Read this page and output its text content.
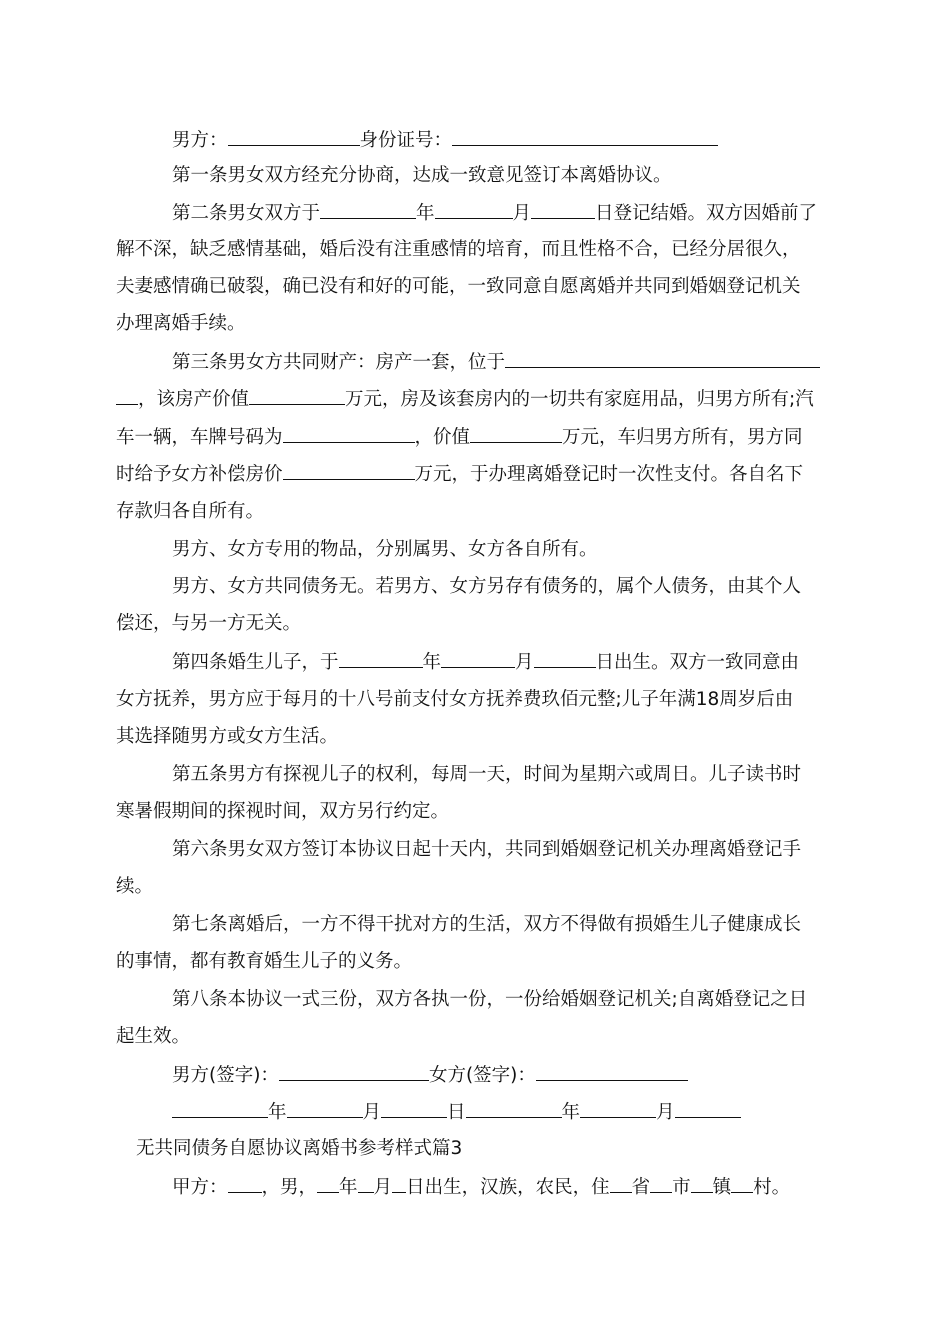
男方：	身份证号：
第一条男女双方经充分协商，达成一致意见签订本离婚协议。
第二条男女双方于	年	月	日登记结婚。双方因婚前了
解不深，缺乏感情基础，婚后没有注重感情的培育，而且性格不合，已经分居很久，
夫妻感情确已破裂，确已没有和好的可能，一致同意自愿离婚并共同到婚姻登记机关
办理离婚手续。
第三条男女方共同财产：房产一套，位于
，该房产价值	万元，房及该套房内的一切共有家庭用品，归男方所有;汽
车一辆，车牌号码为	，价值	万元，车归男方所有，男方同
时给予女方补偿房价	万元，于办理离婚登记时一次性支付。各自名下
存款归各自所有。
男方、女方专用的物品，分别属男、女方各自所有。
男方、女方共同债务无。若男方、女方另存有债务的，属个人债务，由其个人
偿还，与另一方无关。
第四条婚生儿子，于	年	月	日出生。双方一致同意由
女方抚养，男方应于每月的十八号前支付女方抚养费玖佰元整;儿子年满18周岁后由
其选择随男方或女方生活。
第五条男方有探视儿子的权利，每周一天，时间为星期六或周日。儿子读书时
寒暑假期间的探视时间，双方另行约定。
第六条男女双方签订本协议日起十天内，共同到婚姻登记机关办理离婚登记手
续。
第七条离婚后，一方不得干扰对方的生活，双方不得做有损婚生儿子健康成长
的事情，都有教育婚生儿子的义务。
第八条本协议一式三份，双方各执一份，一份给婚姻登记机关;自离婚登记之日
起生效。
男方(签字)：	女方(签字)：
年	月	日	年	月
无共同债务自愿协议离婚书参考样式篇3
甲方： ，男， 年 月 日出生，汉族，农民，住 省 市 镇 村。
